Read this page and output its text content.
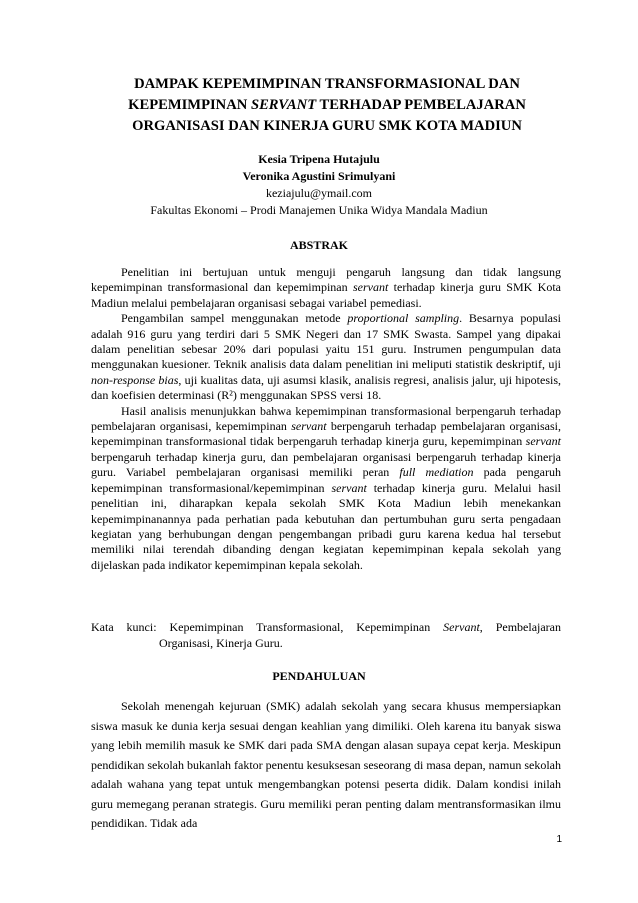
DAMPAK KEPEMIMPINAN TRANSFORMASIONAL DAN
KEPEMIMPINAN SERVANT TERHADAP PEMBELAJARAN
ORGANISASI DAN KINERJA GURU SMK KOTA MADIUN
Kesia Tripena Hutajulu
Veronika Agustini Srimulyani
keziajulu@ymail.com
Fakultas Ekonomi – Prodi Manajemen Unika Widya Mandala Madiun
ABSTRAK

Penelitian ini bertujuan untuk menguji pengaruh langsung dan tidak langsung kepemimpinan transformasional dan kepemimpinan servant terhadap kinerja guru SMK Kota Madiun melalui pembelajaran organisasi sebagai variabel pemediasi.

Pengambilan sampel menggunakan metode proportional sampling. Besarnya populasi adalah 916 guru yang terdiri dari 5 SMK Negeri dan 17 SMK Swasta. Sampel yang dipakai dalam penelitian sebesar 20% dari populasi yaitu 151 guru. Instrumen pengumpulan data menggunakan kuesioner. Teknik analisis data dalam penelitian ini meliputi statistik deskriptif, uji non-response bias, uji kualitas data, uji asumsi klasik, analisis regresi, analisis jalur, uji hipotesis, dan koefisien determinasi (R²) menggunakan SPSS versi 18.

Hasil analisis menunjukkan bahwa kepemimpinan transformasional berpengaruh terhadap pembelajaran organisasi, kepemimpinan servant berpengaruh terhadap pembelajaran organisasi, kepemimpinan transformasional tidak berpengaruh terhadap kinerja guru, kepemimpinan servant berpengaruh terhadap kinerja guru, dan pembelajaran organisasi berpengaruh terhadap kinerja guru. Variabel pembelajaran organisasi memiliki peran full mediation pada pengaruh kepemimpinan transformasional/kepemimpinan servant terhadap kinerja guru. Melalui hasil penelitian ini, diharapkan kepala sekolah SMK Kota Madiun lebih menekankan kepemimpinanannya pada perhatian pada kebutuhan dan pertumbuhan guru serta pengadaan kegiatan yang berhubungan dengan pengembangan pribadi guru karena kedua hal tersebut memiliki nilai terendah dibanding dengan kegiatan kepemimpinan kepala sekolah yang dijelaskan pada indikator kepemimpinan kepala sekolah.

Kata kunci: Kepemimpinan Transformasional, Kepemimpinan Servant, Pembelajaran
Organisasi, Kinerja Guru.
PENDAHULUAN

Sekolah menengah kejuruan (SMK) adalah sekolah yang secara khusus mempersiapkan siswa masuk ke dunia kerja sesuai dengan keahlian yang dimiliki. Oleh karena itu banyak siswa yang lebih memilih masuk ke SMK dari pada SMA dengan alasan supaya cepat kerja. Meskipun pendidikan sekolah bukanlah faktor penentu kesuksesan seseorang di masa depan, namun sekolah adalah wahana yang tepat untuk mengembangkan potensi peserta didik. Dalam kondisi inilah guru memegang peranan strategis. Guru memiliki peran penting dalam mentransformasikan ilmu pendidikan. Tidak ada

1
